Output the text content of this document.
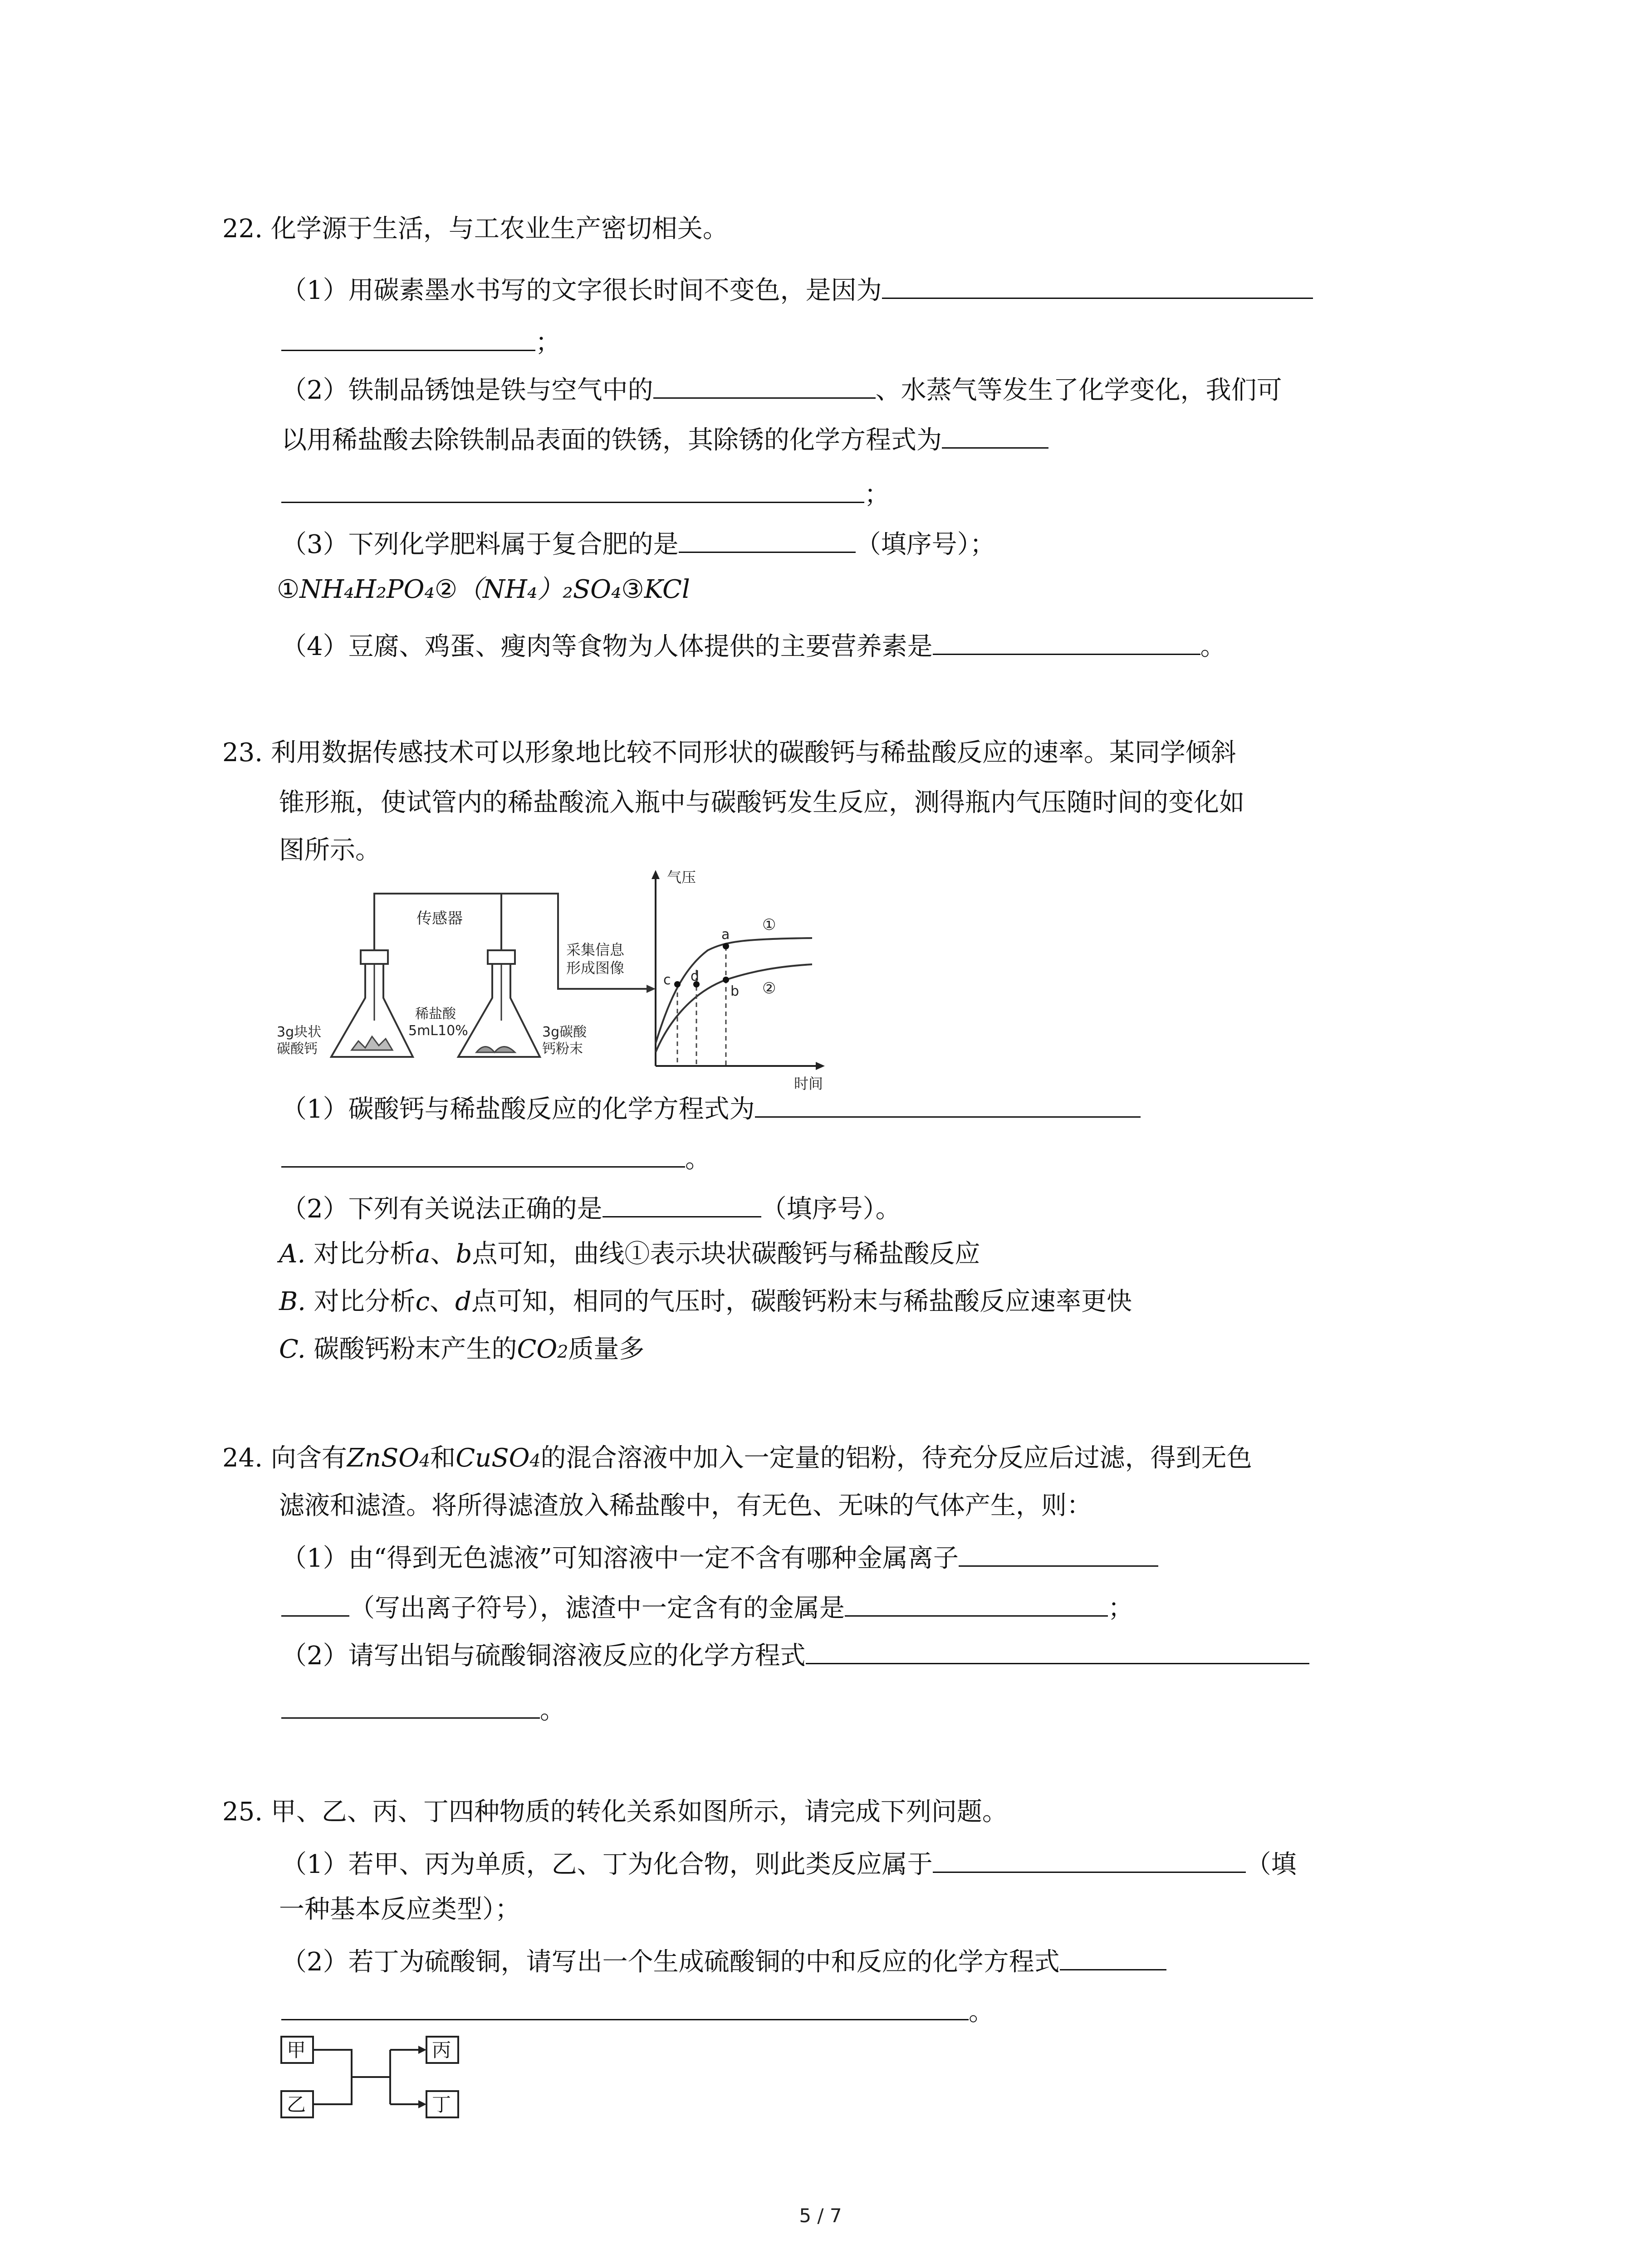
22. 化学源于生活，与工农业生产密切相关。
（1）用碳素墨水书写的文字很长时间不变色，是因为
；
（2）铁制品锈蚀是铁与空气中的	、水蒸气等发生了化学变化，我们可
以用稀盐酸去除铁制品表面的铁锈，其除锈的化学方程式为
；
（3）下列化学肥料属于复合肥的是	（填序号）；
①NH₄H₂PO₄②（NH₄）₂SO₄③KCl
（4）豆腐、鸡蛋、瘦肉等食物为人体提供的主要营养素是	。
23. 利用数据传感技术可以形象地比较不同形状的碳酸钙与稀盐酸反应的速率。某同学倾斜
锥形瓶，使试管内的稀盐酸流入瓶中与碳酸钙发生反应，测得瓶内气压随时间的变化如
图所示。
传感器
3g块状
碳酸钙
稀盐酸
5mL10%	3g碳酸
钙粉末
采集信息
形成图像
气压
时间
①
②
a
b
c d
（1）碳酸钙与稀盐酸反应的化学方程式为
。
（2）下列有关说法正确的是	（填序号）。
A. 对比分析a、b点可知，曲线①表示块状碳酸钙与稀盐酸反应
B. 对比分析c、d点可知，相同的气压时，碳酸钙粉末与稀盐酸反应速率更快
C. 碳酸钙粉末产生的CO2质量多
24. 向含有ZnSO4和CuSO4的混合溶液中加入一定量的铝粉，待充分反应后过滤，得到无色
滤液和滤渣。将所得滤渣放入稀盐酸中，有无色、无味的气体产生，则：
（1）由“得到无色滤液”可知溶液中一定不含有哪种金属离子
（写出离子符号），滤渣中一定含有的金属是	；
（2）请写出铝与硫酸铜溶液反应的化学方程式
。
25. 甲、乙、丙、丁四种物质的转化关系如图所示，请完成下列问题。
（1）若甲、丙为单质，乙、丁为化合物，则此类反应属于	（填
一种基本反应类型）；
（2）若丁为硫酸铜，请写出一个生成硫酸铜的中和反应的化学方程式
。
甲
乙
丙
丁
5 / 7
